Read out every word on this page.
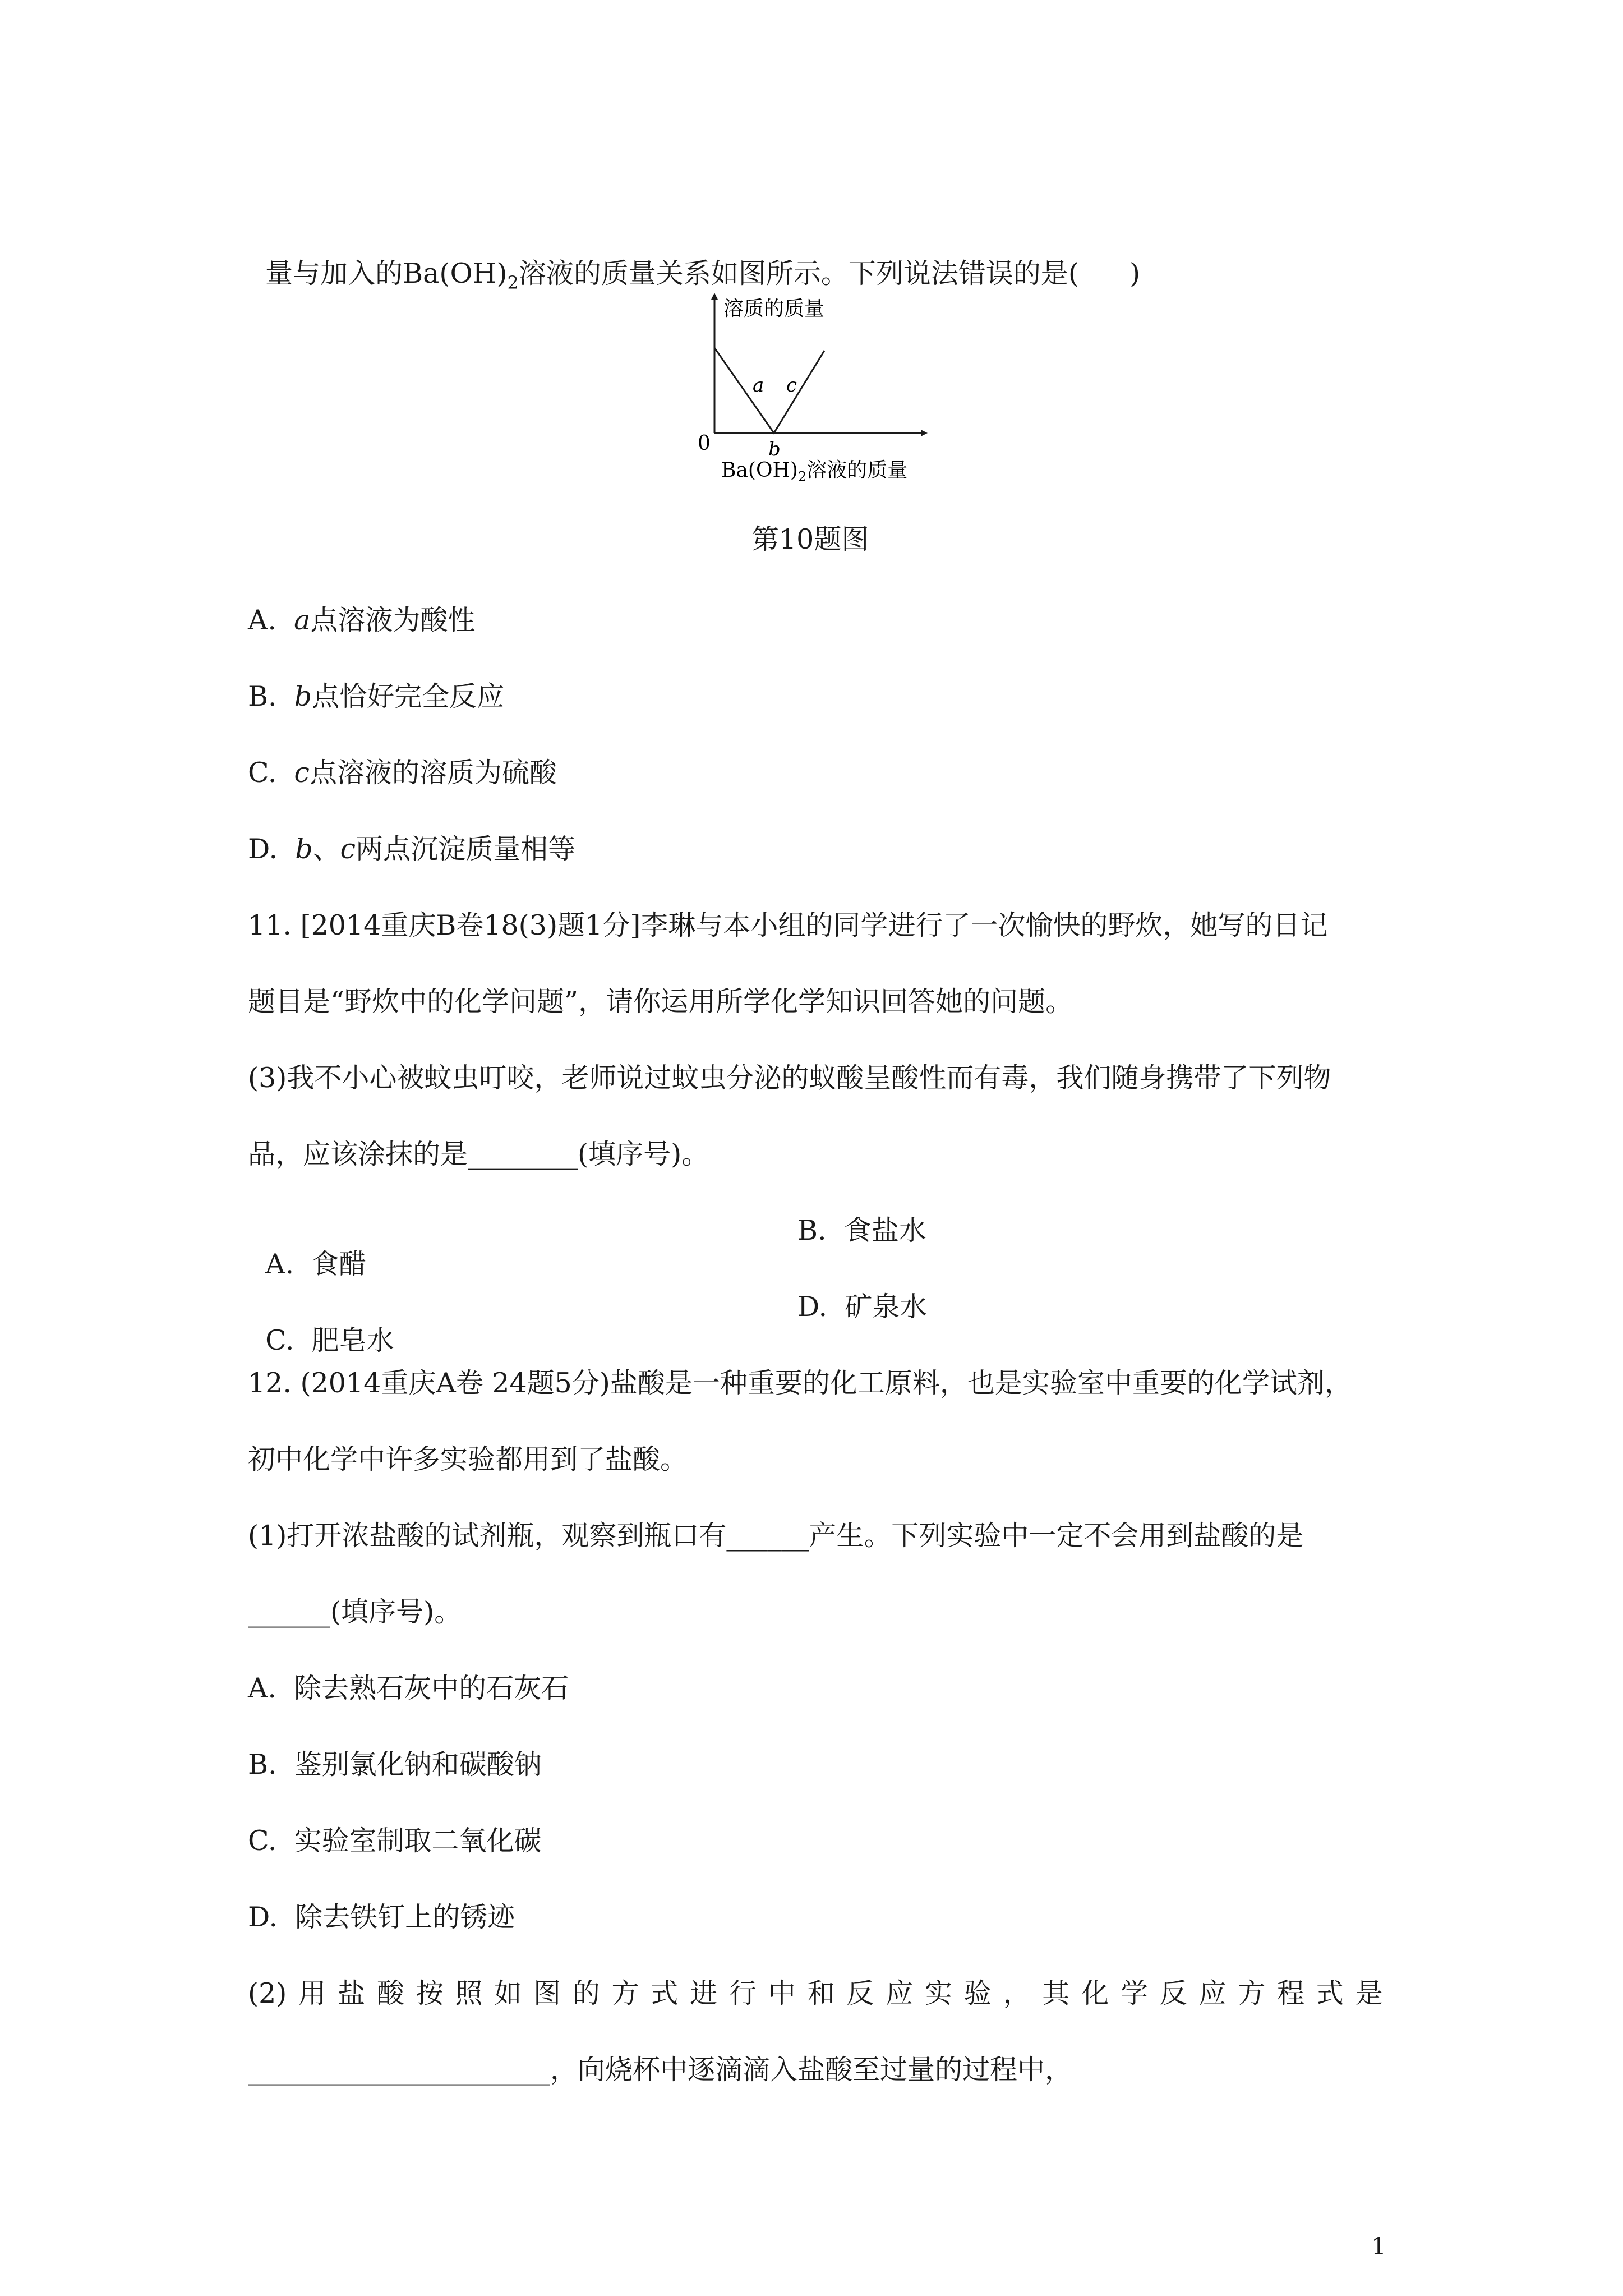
量与加入的$Ba(OH)_2$溶液的质量关系如图所示。下列说法错误的是( )

溶质的质量
0
a
b
c
$Ba(OH)_2$溶液的质量
第10题图
A. a点溶液为酸性
B. b点恰好完全反应
C. c点溶液的溶质为硫酸
D. b、c两点沉淀质量相等
11. [2014重庆B卷18(3)题1分]李琳与本小组的同学进行了一次愉快的野炊，她写的日记
题目是“野炊中的化学问题”，请你运用所学化学知识回答她的问题。
(3)我不小心被蚊虫叮咬，老师说过蚊虫分泌的蚁酸呈酸性而有毒，我们随身携带了下列物
品，应该涂抹的是________(填序号)。

A. 食醋

B. 食盐水

C. 肥皂水

D. 矿泉水

12. (2014重庆A卷 24题5分)盐酸是一种重要的化工原料，也是实验室中重要的化学试剂，
初中化学中许多实验都用到了盐酸。
(1)打开浓盐酸的试剂瓶，观察到瓶口有______产生。下列实验中一定不会用到盐酸的是
______(填序号)。
A. 除去熟石灰中的石灰石
B. 鉴别氯化钠和碳酸钠
C. 实验室制取二氧化碳
D. 除去铁钉上的锈迹
(2) 用 盐 酸 按 照 如 图 的 方 式 进 行 中 和 反 应 实 验 ， 其 化 学 反 应 方 程 式 是
______________________，向烧杯中逐滴滴入盐酸至过量的过程中，
1
